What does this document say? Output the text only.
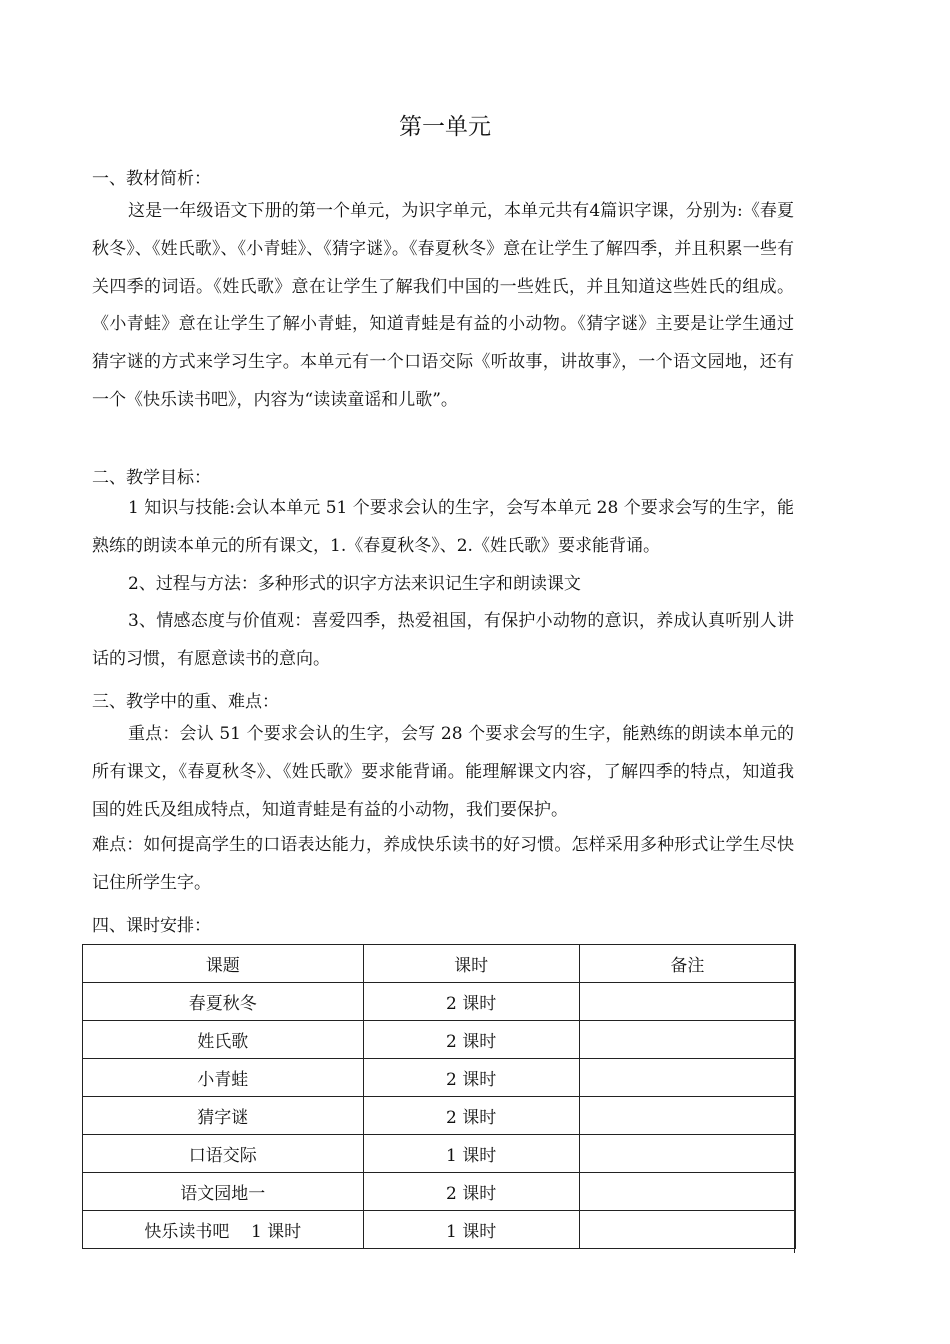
第一单元
一、教材简析：
这是一年级语文下册的第一个单元，为识字单元，本单元共有4篇识字课，分别为:《春夏秋冬》、《姓氏歌》、《小青蛙》、《猜字谜》。《春夏秋冬》意在让学生了解四季，并且积累一些有关四季的词语。《姓氏歌》意在让学生了解我们中国的一些姓氏，并且知道这些姓氏的组成。《小青蛙》意在让学生了解小青蛙，知道青蛙是有益的小动物。《猜字谜》主要是让学生通过猜字谜的方式来学习生字。本单元有一个口语交际《听故事，讲故事》，一个语文园地，还有一个《快乐读书吧》，内容为“读读童谣和儿歌”。
二、教学目标：
1 知识与技能:会认本单元 51 个要求会认的生字，会写本单元 28 个要求会写的生字，能熟练的朗读本单元的所有课文，1.《春夏秋冬》、2.《姓氏歌》要求能背诵。
2、过程与方法：多种形式的识字方法来识记生字和朗读课文
3、情感态度与价值观：喜爱四季，热爱祖国，有保护小动物的意识，养成认真听别人讲话的习惯，有愿意读书的意向。
三、教学中的重、难点：
重点：会认 51 个要求会认的生字，会写 28 个要求会写的生字，能熟练的朗读本单元的所有课文，《春夏秋冬》、《姓氏歌》要求能背诵。能理解课文内容，了解四季的特点，知道我国的姓氏及组成特点，知道青蛙是有益的小动物，我们要保护。
难点：如何提高学生的口语表达能力，养成快乐读书的好习惯。怎样采用多种形式让学生尽快记住所学生字。
四、课时安排：
课题	课时	备注
春夏秋冬	2 课时	
姓氏歌	2 课时	
小青蛙	2 课时	
猜字谜	2 课时	
口语交际	1 课时	
语文园地一	2 课时	
快乐读书吧    1 课时	1 课时	
